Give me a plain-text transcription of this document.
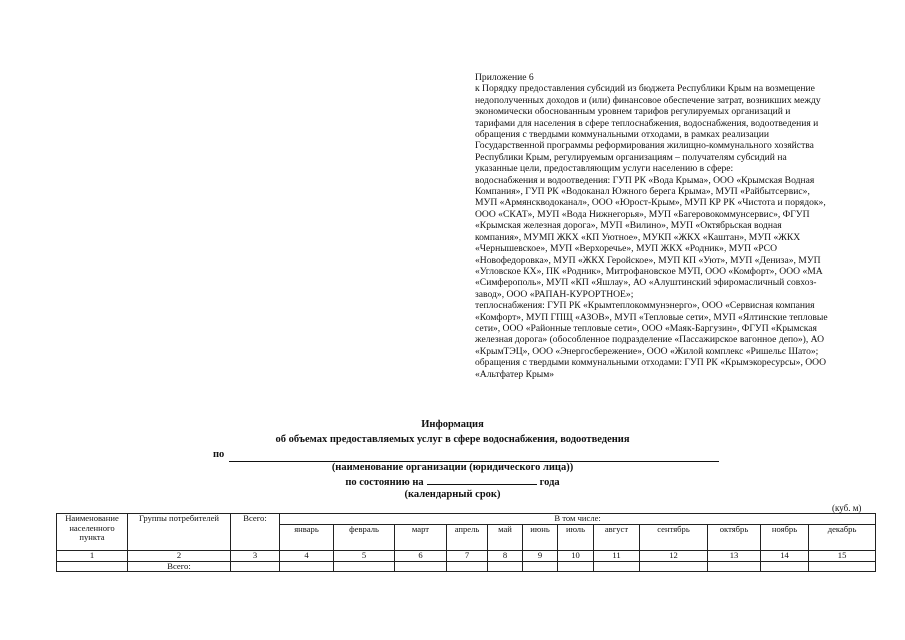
Приложение 6
к Порядку предоставления субсидий из бюджета Республики Крым на возмещение
недополученных доходов и (или) финансовое обеспечение затрат, возникших между
экономически обоснованным уровнем тарифов регулируемых организаций и
тарифами для населения в сфере теплоснабжения, водоснабжения, водоотведения и
обращения с твердыми коммунальными отходами, в рамках реализации
Государственной программы реформирования жилищно-коммунального хозяйства
Республики Крым, регулируемым организациям – получателям субсидий на
указанные цели, предоставляющим услуги населению в сфере:
водоснабжения и водоотведения: ГУП РК «Вода Крыма», ООО «Крымская Водная
Компания», ГУП РК «Водоканал Южного берега Крыма», МУП «Райбытсервис»,
МУП «Армянскводоканал», ООО «Юрост-Крым», МУП КР РК «Чистота и порядок»,
ООО «СКАТ», МУП «Вода Нижнегорья», МУП «Багеровокоммунсервис», ФГУП
«Крымская железная дорога», МУП «Вилино», МУП «Октябрьская водная
компания», МУМП ЖКХ «КП Уютное», МУКП «ЖКХ «Каштан», МУП «ЖКХ
«Чернышевское», МУП «Верхоречье», МУП ЖКХ «Родник», МУП «РСО
«Новофедоровка», МУП «ЖКХ Геройское», МУП КП «Уют», МУП «Дениза», МУП
«Угловское КХ», ПК «Родник», Митрофановское МУП, ООО «Комфорт», ООО «МА
«Симферополь», МУП «КП «Яшлау», АО «Алуштинский эфиромасличный совхоз-
завод», ООО «РАПАН-КУРОРТНОЕ»;
теплоснабжения: ГУП РК «Крымтеплокоммунэнерго», ООО «Сервисная компания
«Комфорт», МУП ГПЩ «АЗОВ», МУП «Тепловые сети», МУП «Ялтинские тепловые
сети», ООО «Районные тепловые сети», ООО «Маяк-Баргузин», ФГУП «Крымская
железная дорога» (обособленное подразделение «Пассажирское вагонное депо»), АО
«КрымТЭЦ», ООО «Энергосбережение», ООО «Жилой комплекс «Ришельє Шато»;
обращения с твердыми коммунальными отходами: ГУП РК «Крымэкоресурсы», ООО
«Альтфатер Крым»
Информация
об объемах предоставляемых услуг в сфере водоснабжения, водоотведения
по
(наименование организации (юридического лица))
по состоянию на	года
(календарный срок)
(куб. м)
Наименование населенного пункта	Группы потребителей	Всего:	В том числе:											
			январь	февраль	март	апрель	май	июнь	июль	август	сентябрь	октябрь	ноябрь	декабрь
1	2	3	4	5	6	7	8	9	10	11	12	13	14	15
	Всего:													
